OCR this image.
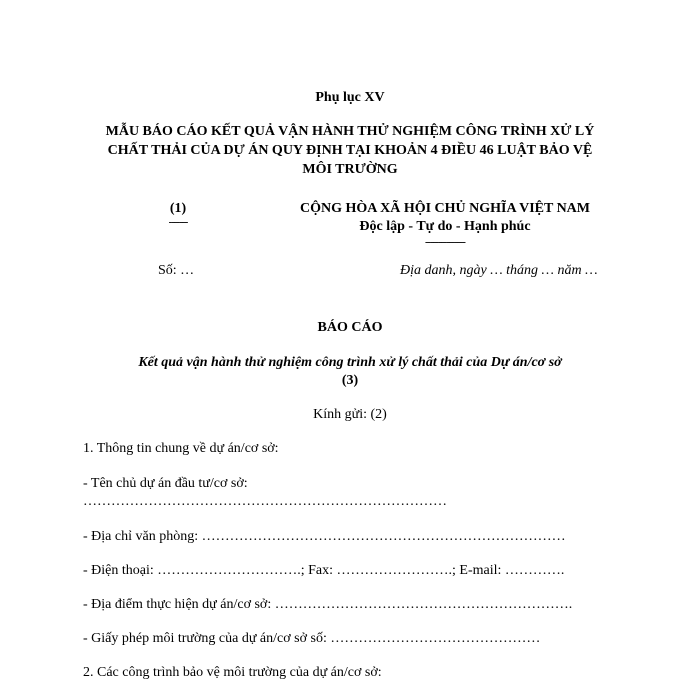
Phụ lục XV
MẪU BÁO CÁO KẾT QUẢ VẬN HÀNH THỬ NGHIỆM CÔNG TRÌNH XỬ LÝ
CHẤT THẢI CỦA DỰ ÁN QUY ĐỊNH TẠI KHOẢN 4 ĐIỀU 46 LUẬT BẢO VỆ
MÔI TRƯỜNG
(1)
-------
CỘNG HÒA XÃ HỘI CHỦ NGHĨA VIỆT NAM
Độc lập - Tự do - Hạnh phúc
---------------
Số: …	Địa danh, ngày … tháng … năm …
BÁO CÁO
Kết quả vận hành thử nghiệm công trình xử lý chất thải của Dự án/cơ sở
(3)
Kính gửi: (2)
1. Thông tin chung về dự án/cơ sở:
- Tên chủ dự án đầu tư/cơ sở:
……………………………………………………………………
- Địa chỉ văn phòng: ……………………………………………………………………
- Điện thoại: ………………………….; Fax: …………………….; E-mail: ………….
- Địa điểm thực hiện dự án/cơ sở: ……………………………………………………….
- Giấy phép môi trường của dự án/cơ sở số: ………………………………………
2. Các công trình bảo vệ môi trường của dự án/cơ sở:
